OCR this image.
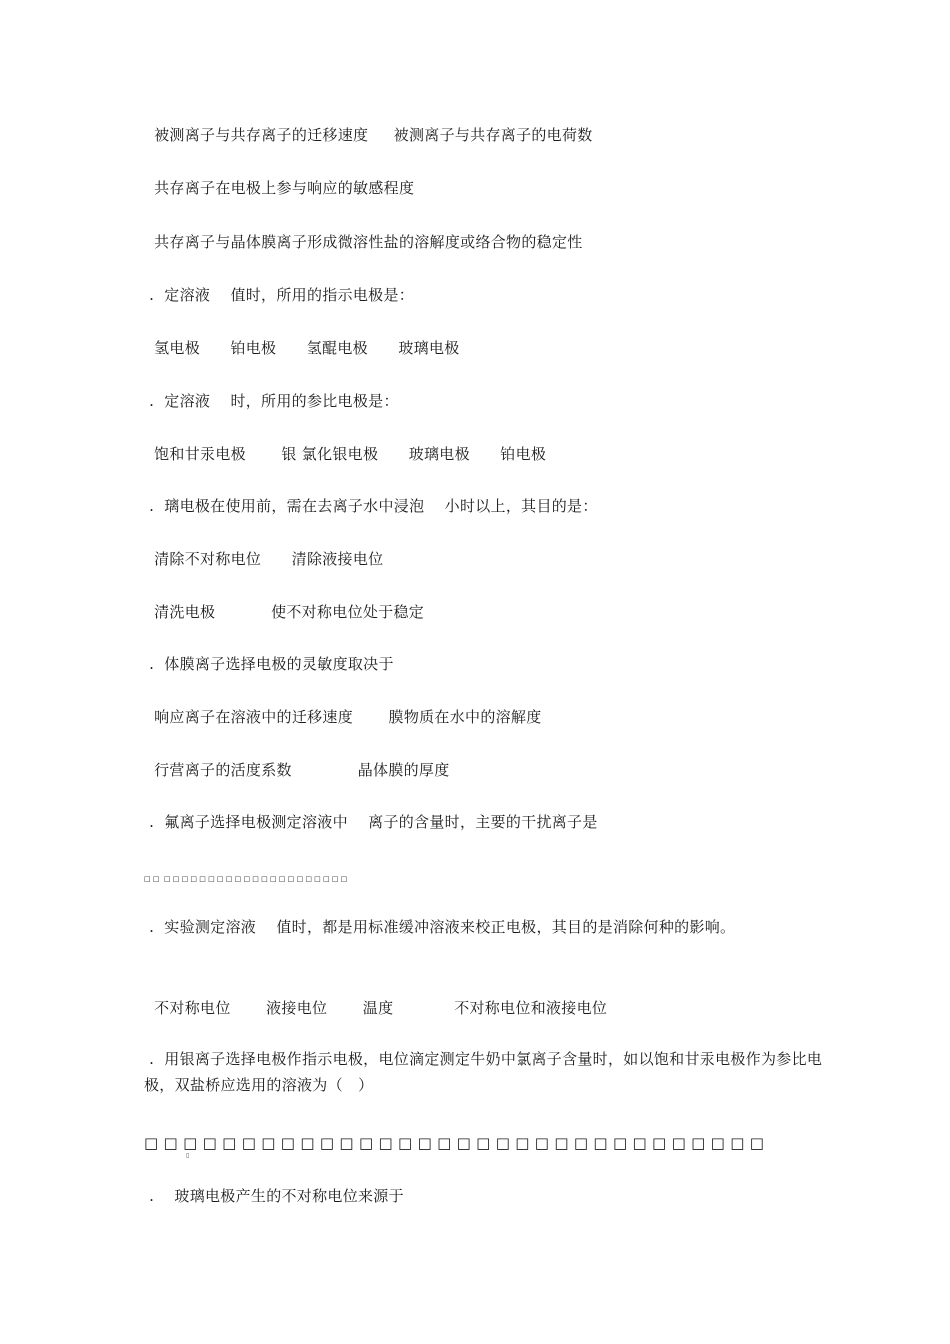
被测离子与共存离子的迁移速度     被测离子与共存离子的电荷数
共存离子在电极上参与响应的敏感程度
共存离子与晶体膜离子形成微溶性盐的溶解度或络合物的稳定性
.  定溶液    值时，所用的指示电极是：
氢电极      铂电极      氢醌电极      玻璃电极
.  定溶液    时，所用的参比电极是：
饱和甘汞电极       银 氯化银电极      玻璃电极      铂电极
.  璃电极在使用前，需在去离子水中浸泡    小时以上，其目的是：
清除不对称电位      清除液接电位
清洗电极           使不对称电位处于稳定
.  体膜离子选择电极的灵敏度取决于
响应离子在溶液中的迁移速度       膜物质在水中的溶解度
行营离子的活度系数             晶体膜的厚度
.  氟离子选择电极测定溶液中    离子的含量时，主要的干扰离子是
□ □  □ □ □ □ □ □ □ □ □ □ □ □ □ □ □ □ □ □ □ □ □
.  实验测定溶液    值时，都是用标准缓冲溶液来校正电极，其目的是消除何种的影响。
不对称电位       液接电位       温度            不对称电位和液接电位
.  用银离子选择电极作指示电极，电位滴定测定牛奶中氯离子含量时，如以饱和甘汞电极作为参比电极，双盐桥应选用的溶液为（   ）
□ □ □ □ □ □ □ □ □ □ □ □ □ □ □ □ □ □ □ □ □ □ □ □ □ □ □ □ □ □ □ □
▯
.    玻璃电极产生的不对称电位来源于
